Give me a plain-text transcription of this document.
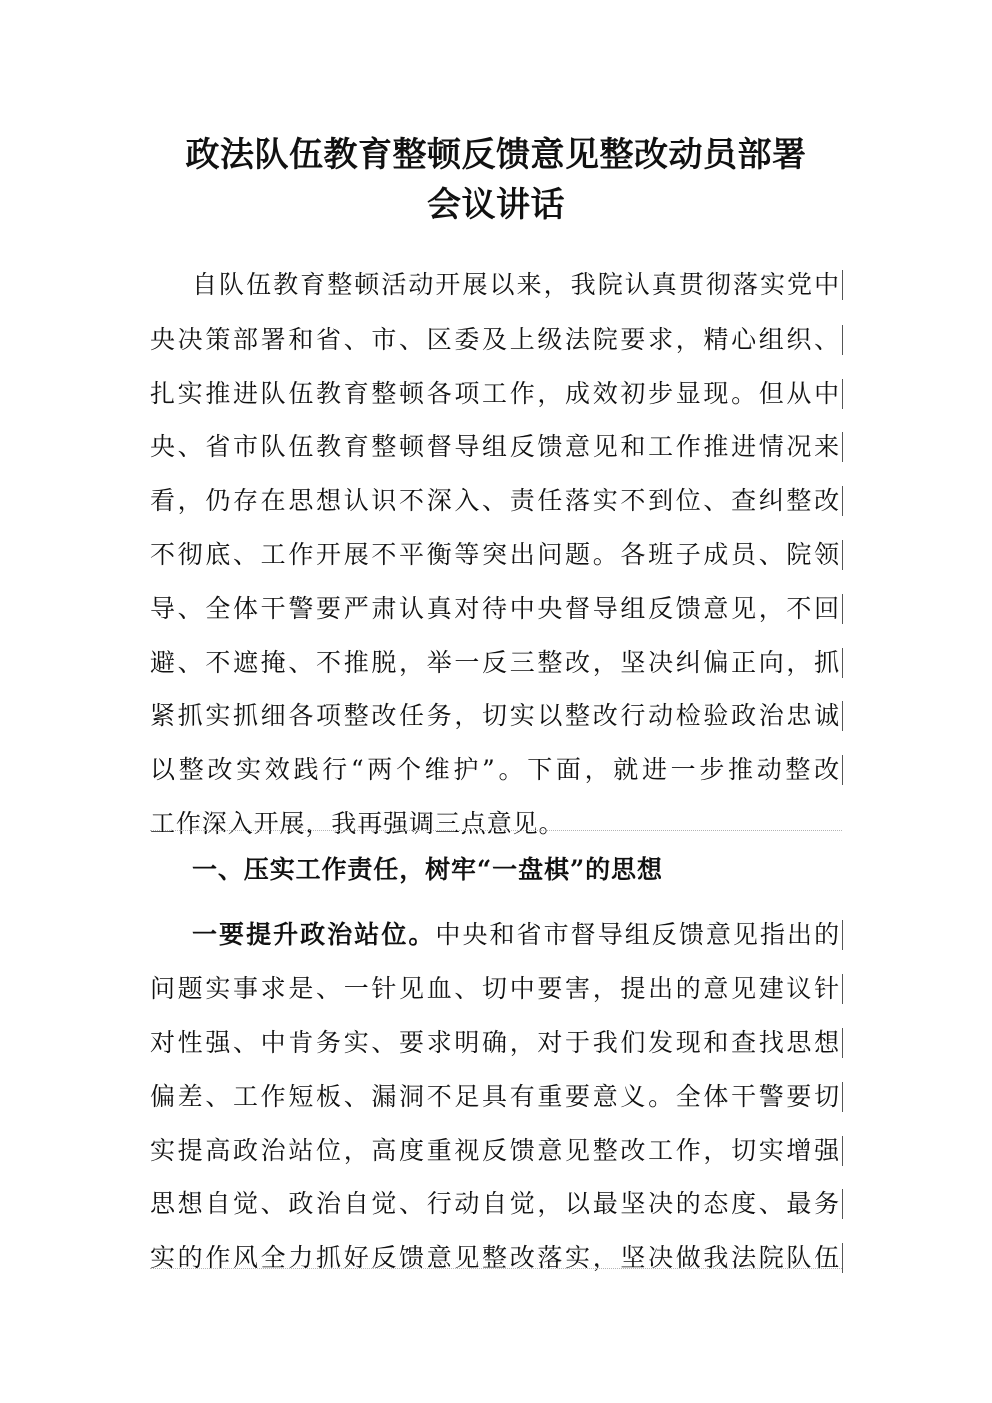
政法队伍教育整顿反馈意见整改动员部署
会议讲话
自队伍教育整顿活动开展以来，我院认真贯彻落实党中
央决策部署和省、市、区委及上级法院要求，精心组织、
扎实推进队伍教育整顿各项工作，成效初步显现。但从中
央、省市队伍教育整顿督导组反馈意见和工作推进情况来
看，仍存在思想认识不深入、责任落实不到位、查纠整改
不彻底、工作开展不平衡等突出问题。各班子成员、院领
导、全体干警要严肃认真对待中央督导组反馈意见，不回
避、不遮掩、不推脱，举一反三整改，坚决纠偏正向，抓
紧抓实抓细各项整改任务，切实以整改行动检验政治忠诚
以整改实效践行“两个维护”。下面，就进一步推动整改
工作深入开展，我再强调三点意见。
一、压实工作责任，树牢“一盘棋”的思想
一要提升政治站位。中央和省市督导组反馈意见指出的
问题实事求是、一针见血、切中要害，提出的意见建议针
对性强、中肯务实、要求明确，对于我们发现和查找思想
偏差、工作短板、漏洞不足具有重要意义。全体干警要切
实提高政治站位，高度重视反馈意见整改工作，切实增强
思想自觉、政治自觉、行动自觉，以最坚决的态度、最务
实的作风全力抓好反馈意见整改落实，坚决做我法院队伍
